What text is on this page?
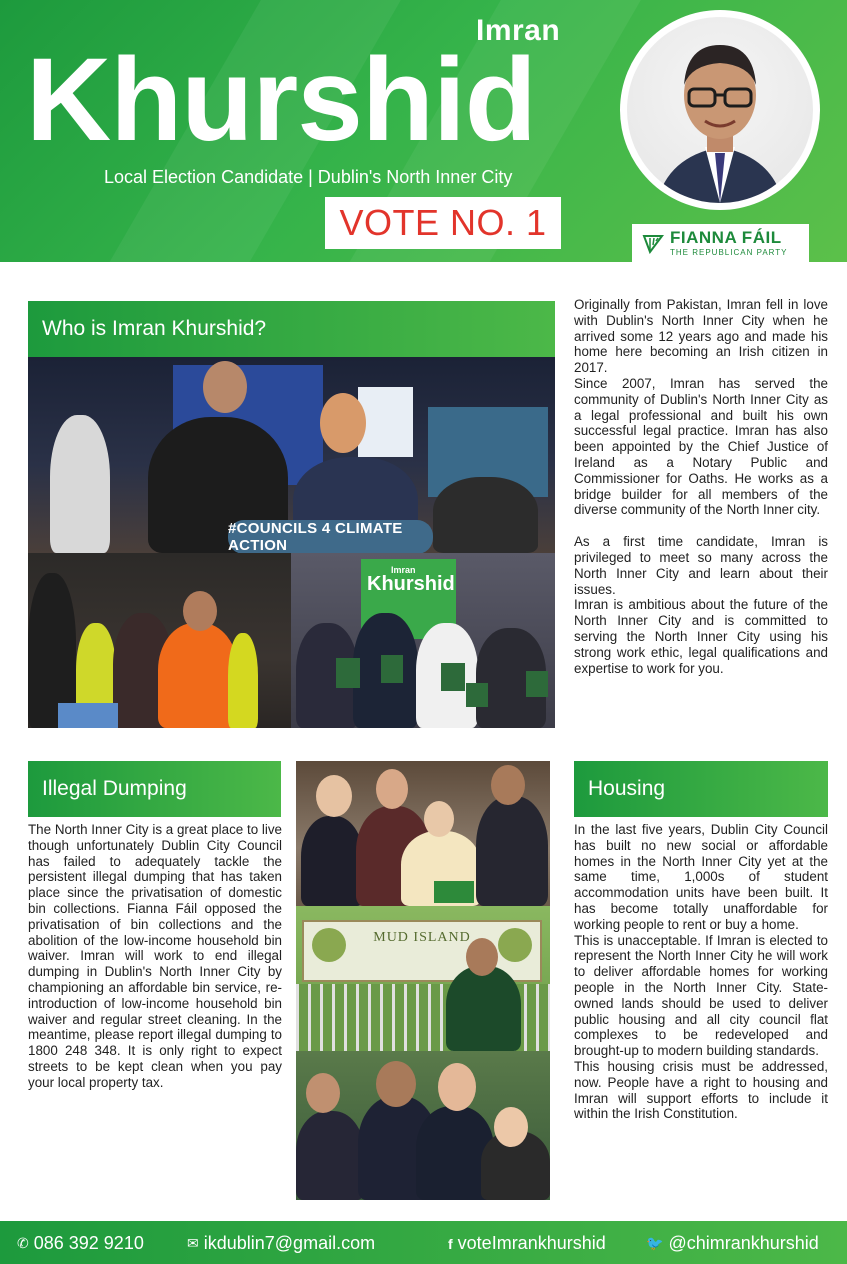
Imran
Khurshid
Local Election Candidate | Dublin's North Inner City
VOTE NO. 1	FIANNA FÁIL
THE REPUBLICAN PARTY
Who is Imran Khurshid?
#COUNCILS 4 CLIMATE ACTION
Imran
Khurshid

Originally from Pakistan, Imran fell in love with Dublin's North Inner City when he arrived some 12 years ago and made his home here becoming an Irish citizen in 2017.

Since 2007, Imran has served the community of Dublin's North Inner City as a legal professional and built his own successful legal practice. Imran has also been appointed by the Chief Justice of Ireland as a Notary Public and Commissioner for Oaths. He works as a bridge builder for all members of the diverse community of the North Inner city.

As a first time candidate, Imran is privileged to meet so many across the North Inner City and learn about their issues.

Imran is ambitious about the future of the North Inner City and is committed to serving the North Inner City using his strong work ethic, legal qualifications and expertise to work for you.

Illegal Dumping

The North Inner City is a great place to live though unfortunately Dublin City Council has failed to adequately tackle the persistent illegal dumping that has taken place since the privatisation of domestic bin collections. Fianna Fáil opposed the privatisation of bin collections and the abolition of the low-income household bin waiver. Imran will work to end illegal dumping in Dublin's North Inner City by championing an affordable bin service, re-introduction of low-income household bin waiver and regular street cleaning. In the meantime, please report illegal dumping to 1800 248 348. It is only right to expect streets to be kept clean when you pay your local property tax.

MUD ISLAND
Housing

In the last five years, Dublin City Council has built no new social or affordable homes in the North Inner City yet at the same time, 1,000s of student accommodation units have been built. It has become totally unaffordable for working people to rent or buy a home.

This is unacceptable. If Imran is elected to represent the North Inner City he will work to deliver affordable homes for working people in the North Inner City. State-owned lands should be used to deliver public housing and all city council flat complexes to be redeveloped and brought-up to modern building standards.

This housing crisis must be addressed, now. People have a right to housing and Imran will support efforts to include it within the Irish Constitution.

✆ 086 392 9210	✉ ikdublin7@gmail.com	f voteImrankhurshid	🐦 @chimrankhurshid
